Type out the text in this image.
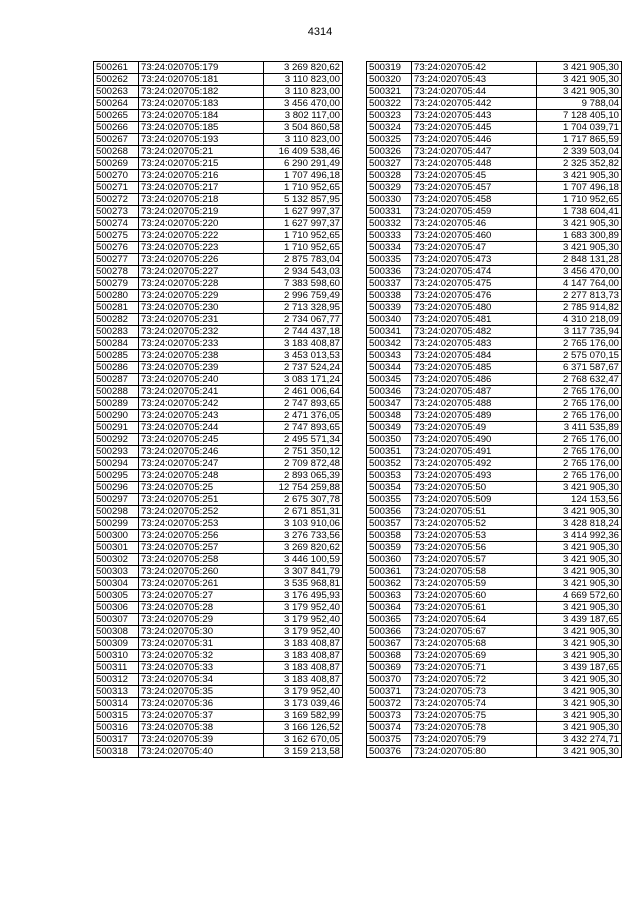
4314
500261	73:24:020705:179	3 269 820,62
500262	73:24:020705:181	3 110 823,00
500263	73:24:020705:182	3 110 823,00
500264	73:24:020705:183	3 456 470,00
500265	73:24:020705:184	3 802 117,00
500266	73:24:020705:185	3 504 860,58
500267	73:24:020705:193	3 110 823,00
500268	73:24:020705:21	16 409 538,46
500269	73:24:020705:215	6 290 291,49
500270	73:24:020705:216	1 707 496,18
500271	73:24:020705:217	1 710 952,65
500272	73:24:020705:218	5 132 857,95
500273	73:24:020705:219	1 627 997,37
500274	73:24:020705:220	1 627 997,37
500275	73:24:020705:222	1 710 952,65
500276	73:24:020705:223	1 710 952,65
500277	73:24:020705:226	2 875 783,04
500278	73:24:020705:227	2 934 543,03
500279	73:24:020705:228	7 383 598,60
500280	73:24:020705:229	2 996 759,49
500281	73:24:020705:230	2 713 328,95
500282	73:24:020705:231	2 734 067,77
500283	73:24:020705:232	2 744 437,18
500284	73:24:020705:233	3 183 408,87
500285	73:24:020705:238	3 453 013,53
500286	73:24:020705:239	2 737 524,24
500287	73:24:020705:240	3 083 171,24
500288	73:24:020705:241	2 461 006,64
500289	73:24:020705:242	2 747 893,65
500290	73:24:020705:243	2 471 376,05
500291	73:24:020705:244	2 747 893,65
500292	73:24:020705:245	2 495 571,34
500293	73:24:020705:246	2 751 350,12
500294	73:24:020705:247	2 709 872,48
500295	73:24:020705:248	2 893 065,39
500296	73:24:020705:25	12 754 259,88
500297	73:24:020705:251	2 675 307,78
500298	73:24:020705:252	2 671 851,31
500299	73:24:020705:253	3 103 910,06
500300	73:24:020705:256	3 276 733,56
500301	73:24:020705:257	3 269 820,62
500302	73:24:020705:258	3 446 100,59
500303	73:24:020705:260	3 307 841,79
500304	73:24:020705:261	3 535 968,81
500305	73:24:020705:27	3 176 495,93
500306	73:24:020705:28	3 179 952,40
500307	73:24:020705:29	3 179 952,40
500308	73:24:020705:30	3 179 952,40
500309	73:24:020705:31	3 183 408,87
500310	73:24:020705:32	3 183 408,87
500311	73:24:020705:33	3 183 408,87
500312	73:24:020705:34	3 183 408,87
500313	73:24:020705:35	3 179 952,40
500314	73:24:020705:36	3 173 039,46
500315	73:24:020705:37	3 169 582,99
500316	73:24:020705:38	3 166 126,52
500317	73:24:020705:39	3 162 670,05
500318	73:24:020705:40	3 159 213,58
500319	73:24:020705:42	3 421 905,30
500320	73:24:020705:43	3 421 905,30
500321	73:24:020705:44	3 421 905,30
500322	73:24:020705:442	9 788,04
500323	73:24:020705:443	7 128 405,10
500324	73:24:020705:445	1 704 039,71
500325	73:24:020705:446	1 717 865,59
500326	73:24:020705:447	2 339 503,04
500327	73:24:020705:448	2 325 352,82
500328	73:24:020705:45	3 421 905,30
500329	73:24:020705:457	1 707 496,18
500330	73:24:020705:458	1 710 952,65
500331	73:24:020705:459	1 738 604,41
500332	73:24:020705:46	3 421 905,30
500333	73:24:020705:460	1 683 300,89
500334	73:24:020705:47	3 421 905,30
500335	73:24:020705:473	2 848 131,28
500336	73:24:020705:474	3 456 470,00
500337	73:24:020705:475	4 147 764,00
500338	73:24:020705:476	2 277 813,73
500339	73:24:020705:480	2 785 914,82
500340	73:24:020705:481	4 310 218,09
500341	73:24:020705:482	3 117 735,94
500342	73:24:020705:483	2 765 176,00
500343	73:24:020705:484	2 575 070,15
500344	73:24:020705:485	6 371 587,67
500345	73:24:020705:486	2 768 632,47
500346	73:24:020705:487	2 765 176,00
500347	73:24:020705:488	2 765 176,00
500348	73:24:020705:489	2 765 176,00
500349	73:24:020705:49	3 411 535,89
500350	73:24:020705:490	2 765 176,00
500351	73:24:020705:491	2 765 176,00
500352	73:24:020705:492	2 765 176,00
500353	73:24:020705:493	2 765 176,00
500354	73:24:020705:50	3 421 905,30
500355	73:24:020705:509	124 153,56
500356	73:24:020705:51	3 421 905,30
500357	73:24:020705:52	3 428 818,24
500358	73:24:020705:53	3 414 992,36
500359	73:24:020705:56	3 421 905,30
500360	73:24:020705:57	3 421 905,30
500361	73:24:020705:58	3 421 905,30
500362	73:24:020705:59	3 421 905,30
500363	73:24:020705:60	4 669 572,60
500364	73:24:020705:61	3 421 905,30
500365	73:24:020705:64	3 439 187,65
500366	73:24:020705:67	3 421 905,30
500367	73:24:020705:68	3 421 905,30
500368	73:24:020705:69	3 421 905,30
500369	73:24:020705:71	3 439 187,65
500370	73:24:020705:72	3 421 905,30
500371	73:24:020705:73	3 421 905,30
500372	73:24:020705:74	3 421 905,30
500373	73:24:020705:75	3 421 905,30
500374	73:24:020705:78	3 421 905,30
500375	73:24:020705:79	3 432 274,71
500376	73:24:020705:80	3 421 905,30
